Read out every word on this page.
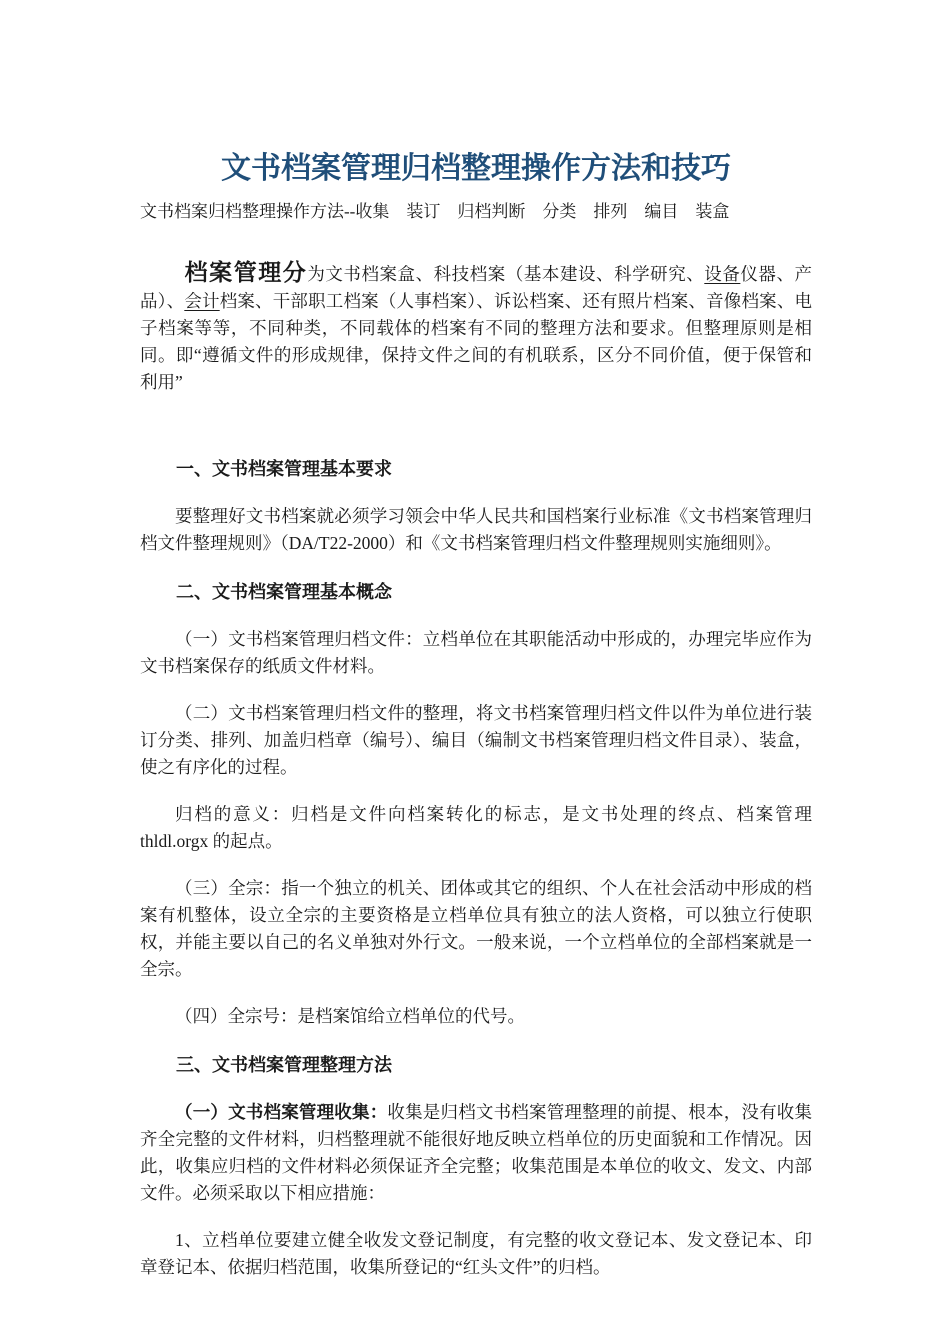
文书档案管理归档整理操作方法和技巧

文书档案归档整理操作方法--收集　装订　归档判断　分类　排列　编目　装盒

档案管理分为文书档案盒、科技档案（基本建设、科学研究、设备仪器、产品）、会计档案、干部职工档案（人事档案）、诉讼档案、还有照片档案、音像档案、电子档案等等，不同种类，不同载体的档案有不同的整理方法和要求。但整理原则是相同。即“遵循文件的形成规律，保持文件之间的有机联系，区分不同价值，便于保管和利用”

一、文书档案管理基本要求

要整理好文书档案就必须学习领会中华人民共和国档案行业标准《文书档案管理归档文件整理规则》（DA/T22-2000）和《文书档案管理归档文件整理规则实施细则》。

二、文书档案管理基本概念

（一）文书档案管理归档文件：立档单位在其职能活动中形成的，办理完毕应作为文书档案保存的纸质文件材料。

（二）文书档案管理归档文件的整理，将文书档案管理归档文件以件为单位进行装订分类、排列、加盖归档章（编号）、编目（编制文书档案管理归档文件目录）、装盒，使之有序化的过程。

归档的意义：归档是文件向档案转化的标志，是文书处理的终点、档案管理 thldl.orgx 的起点。

（三）全宗：指一个独立的机关、团体或其它的组织、个人在社会活动中形成的档案有机整体，设立全宗的主要资格是立档单位具有独立的法人资格，可以独立行使职权，并能主要以自己的名义单独对外行文。一般来说，一个立档单位的全部档案就是一全宗。

（四）全宗号：是档案馆给立档单位的代号。

三、文书档案管理整理方法

（一）文书档案管理收集：收集是归档文书档案管理整理的前提、根本，没有收集齐全完整的文件材料，归档整理就不能很好地反映立档单位的历史面貌和工作情况。因此，收集应归档的文件材料必须保证齐全完整；收集范围是本单位的收文、发文、内部文件。必须采取以下相应措施：

1、立档单位要建立健全收发文登记制度，有完整的收文登记本、发文登记本、印章登记本、依据归档范围，收集所登记的“红头文件”的归档。
